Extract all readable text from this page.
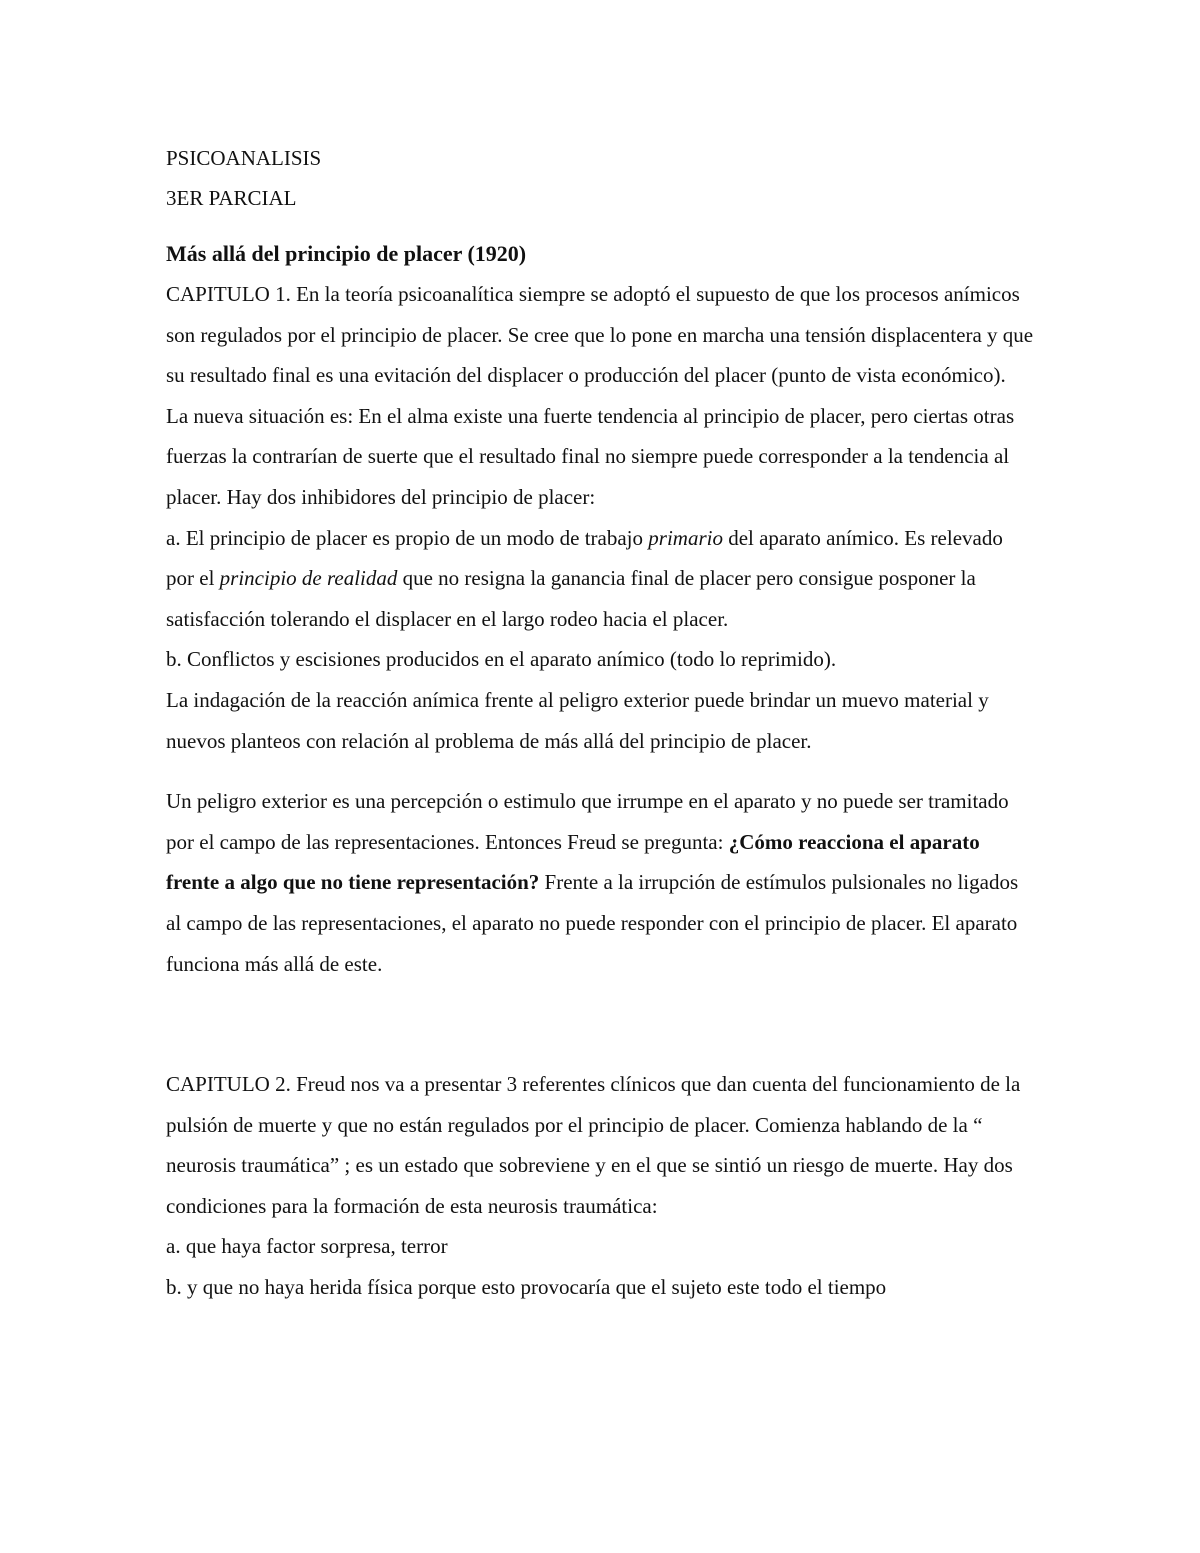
PSICOANALISIS
3ER PARCIAL
Más allá del principio de placer (1920)

CAPITULO 1. En la teoría psicoanalítica siempre se adoptó el supuesto de que los procesos anímicos son regulados por el principio de placer. Se cree que lo pone en marcha una tensión displacentera y que su resultado final es una evitación del displacer o producción del placer (punto de vista económico).

La nueva situación es: En el alma existe una fuerte tendencia al principio de placer, pero ciertas otras fuerzas la contrarían de suerte que el resultado final no siempre puede corresponder a la tendencia al placer. Hay dos inhibidores del principio de placer:

a. El principio de placer es propio de un modo de trabajo primario del aparato anímico. Es relevado por el principio de realidad que no resigna la ganancia final de placer pero consigue posponer la satisfacción tolerando el displacer en el largo rodeo hacia el placer.

b. Conflictos y escisiones producidos en el aparato anímico (todo lo reprimido).

La indagación de la reacción anímica frente al peligro exterior puede brindar un muevo material y nuevos planteos con relación al problema de más allá del principio de placer.

Un peligro exterior es una percepción o estimulo que irrumpe en el aparato y no puede ser tramitado por el campo de las representaciones. Entonces Freud se pregunta: ¿Cómo reacciona el aparato frente a algo que no tiene representación? Frente a la irrupción de estímulos pulsionales no ligados al campo de las representaciones, el aparato no puede responder con el principio de placer. El aparato funciona más allá de este.

CAPITULO 2. Freud nos va a presentar 3 referentes clínicos que dan cuenta del funcionamiento de la pulsión de muerte y que no están regulados por el principio de placer. Comienza hablando de la “ neurosis traumática” ; es un estado que sobreviene y en el que se sintió un riesgo de muerte. Hay dos condiciones para la formación de esta neurosis traumática:

a. que haya factor sorpresa, terror

b. y que no haya herida física porque esto provocaría que el sujeto este todo el tiempo
